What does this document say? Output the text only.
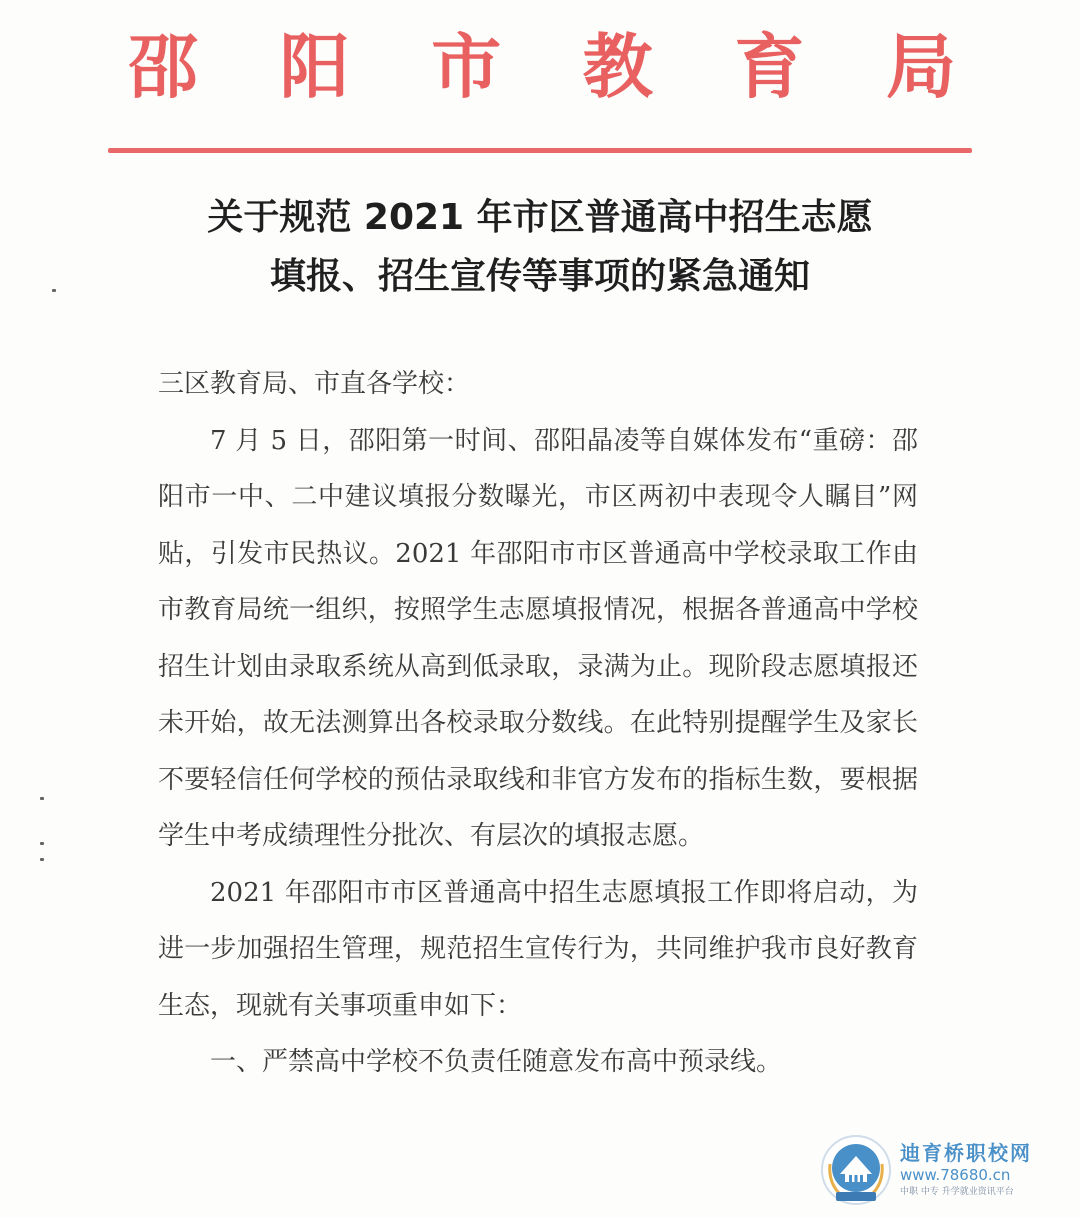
邵 阳 市 教 育 局
关于规范 2021 年市区普通高中招生志愿
填报、招生宣传等事项的紧急通知

三区教育局、市直各学校：

7 月 5 日，邵阳第一时间、邵阳晶凌等自媒体发布“重磅：邵阳市一中、二中建议填报分数曝光，市区两初中表现令人瞩目”网贴，引发市民热议。2021 年邵阳市市区普通高中学校录取工作由市教育局统一组织，按照学生志愿填报情况，根据各普通高中学校招生计划由录取系统从高到低录取，录满为止。现阶段志愿填报还未开始，故无法测算出各校录取分数线。在此特别提醒学生及家长不要轻信任何学校的预估录取线和非官方发布的指标生数，要根据学生中考成绩理性分批次、有层次的填报志愿。

2021 年邵阳市市区普通高中招生志愿填报工作即将启动，为进一步加强招生管理，规范招生宣传行为，共同维护我市良好教育生态，现就有关事项重申如下：

一、严禁高中学校不负责任随意发布高中预录线。

迪育桥职校网
www.78680.cn
中职 中专 升学就业资讯平台
